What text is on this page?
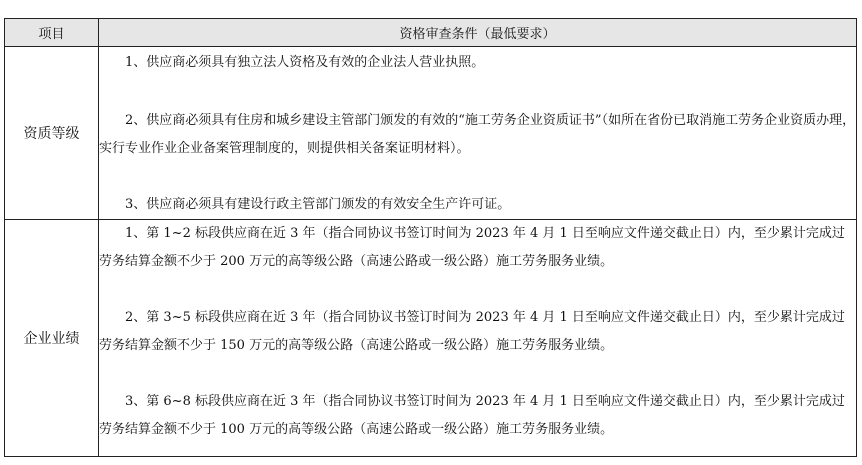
项目	资格审查条件（最低要求）
资质等级	1、供应商必须具有独立法人资格及有效的企业法人营业执照。

2、供应商必须具有住房和城乡建设主管部门颁发的有效的“施工劳务企业资质证书”（如所在省份已取消施工劳务企业资质办理，实行专业作业企业备案管理制度的，则提供相关备案证明材料）。

3、供应商必须具有建设行政主管部门颁发的有效安全生产许可证。

企业业绩	1、第 1~2 标段供应商在近 3 年（指合同协议书签订时间为 2023 年 4 月 1 日至响应文件递交截止日）内，至少累计完成过劳务结算金额不少于 200 万元的高等级公路（高速公路或一级公路）施工劳务服务业绩。

2、第 3~5 标段供应商在近 3 年（指合同协议书签订时间为 2023 年 4 月 1 日至响应文件递交截止日）内，至少累计完成过劳务结算金额不少于 150 万元的高等级公路（高速公路或一级公路）施工劳务服务业绩。

3、第 6~8 标段供应商在近 3 年（指合同协议书签订时间为 2023 年 4 月 1 日至响应文件递交截止日）内，至少累计完成过劳务结算金额不少于 100 万元的高等级公路（高速公路或一级公路）施工劳务服务业绩。
